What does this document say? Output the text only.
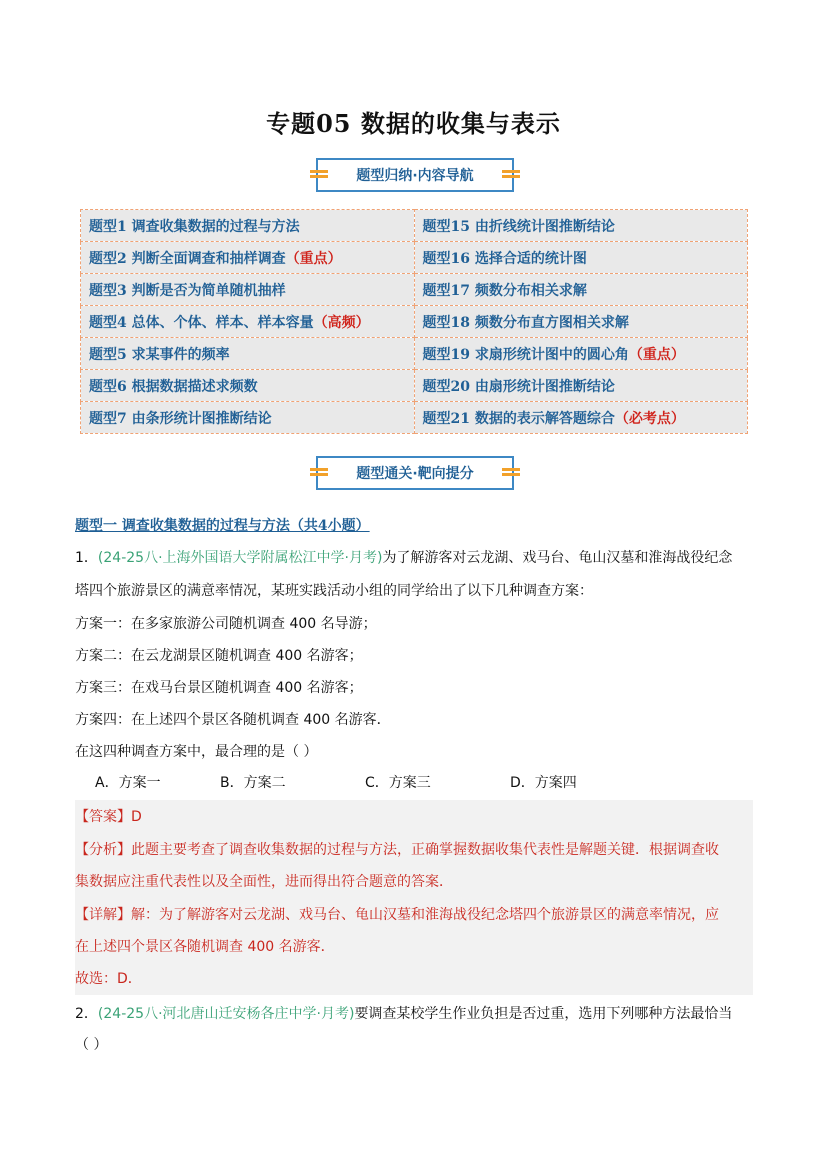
专题05 数据的收集与表示
题型归纳·内容导航
题型1 调查收集数据的过程与方法	题型15 由折线统计图推断结论
题型2 判断全面调查和抽样调查（重点）	题型16 选择合适的统计图
题型3 判断是否为简单随机抽样	题型17 频数分布相关求解
题型4 总体、个体、样本、样本容量（高频）	题型18 频数分布直方图相关求解
题型5 求某事件的频率	题型19 求扇形统计图中的圆心角（重点）
题型6 根据数据描述求频数	题型20 由扇形统计图推断结论
题型7 由条形统计图推断结论	题型21 数据的表示解答题综合（必考点）
题型通关·靶向提分
题型一 调查收集数据的过程与方法（共4小题）
1．(24-25八·上海外国语大学附属松江中学·月考)为了解游客对云龙湖、戏马台、龟山汉墓和淮海战役纪念
塔四个旅游景区的满意率情况，某班实践活动小组的同学给出了以下几种调查方案：
方案一：在多家旅游公司随机调查 400 名导游；
方案二：在云龙湖景区随机调查 400 名游客；
方案三：在戏马台景区随机调查 400 名游客；
方案四：在上述四个景区各随机调查 400 名游客．
在这四种调查方案中，最合理的是（ ）
A．方案一	B．方案二	C．方案三	D．方案四
【答案】D
【分析】此题主要考查了调查收集数据的过程与方法，正确掌握数据收集代表性是解题关键．根据调查收
集数据应注重代表性以及全面性，进而得出符合题意的答案．
【详解】解：为了解游客对云龙湖、戏马台、龟山汉墓和淮海战役纪念塔四个旅游景区的满意率情况，应
在上述四个景区各随机调查 400 名游客．
故选：D．
2．(24-25八·河北唐山迁安杨各庄中学·月考)要调查某校学生作业负担是否过重，选用下列哪种方法最恰当
（ ）
